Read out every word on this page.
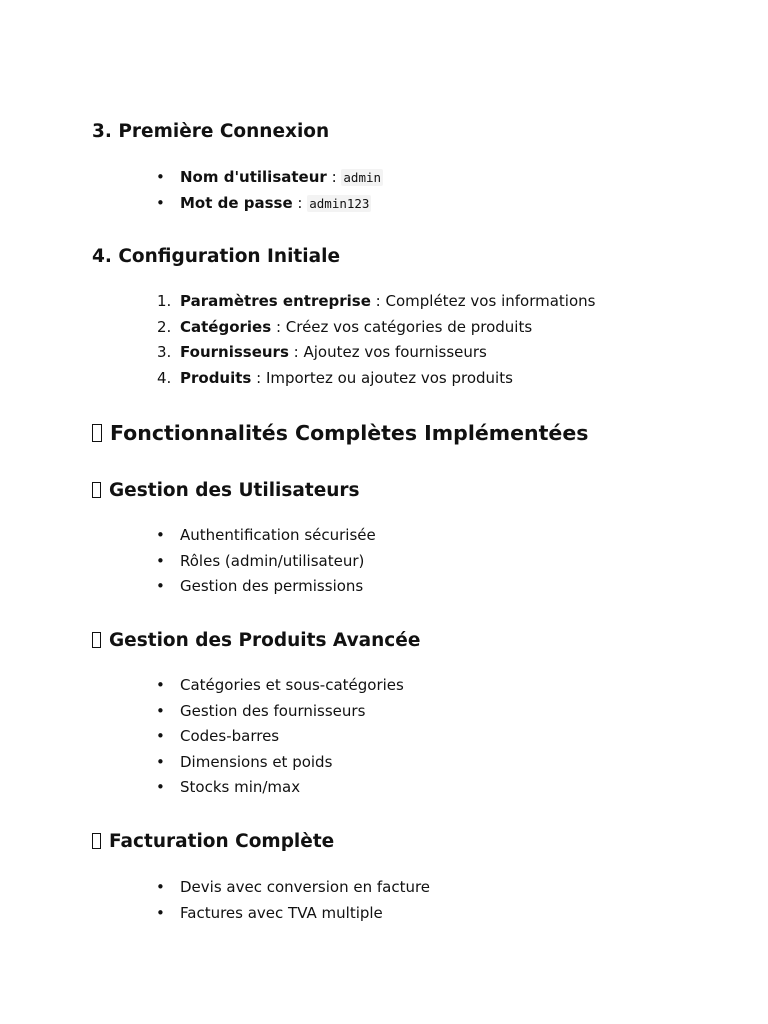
3. Première Connexion
• Nom d'utilisateur : admin
• Mot de passe : admin123
4. Configuration Initiale
1. Paramètres entreprise : Complétez vos informations
2. Catégories : Créez vos catégories de produits
3. Fournisseurs : Ajoutez vos fournisseurs
4. Produits : Importez ou ajoutez vos produits
Fonctionnalités Complètes Implémentées
Gestion des Utilisateurs
• Authentification sécurisée
• Rôles (admin/utilisateur)
• Gestion des permissions
Gestion des Produits Avancée
• Catégories et sous-catégories
• Gestion des fournisseurs
• Codes-barres
• Dimensions et poids
• Stocks min/max
Facturation Complète
• Devis avec conversion en facture
• Factures avec TVA multiple
